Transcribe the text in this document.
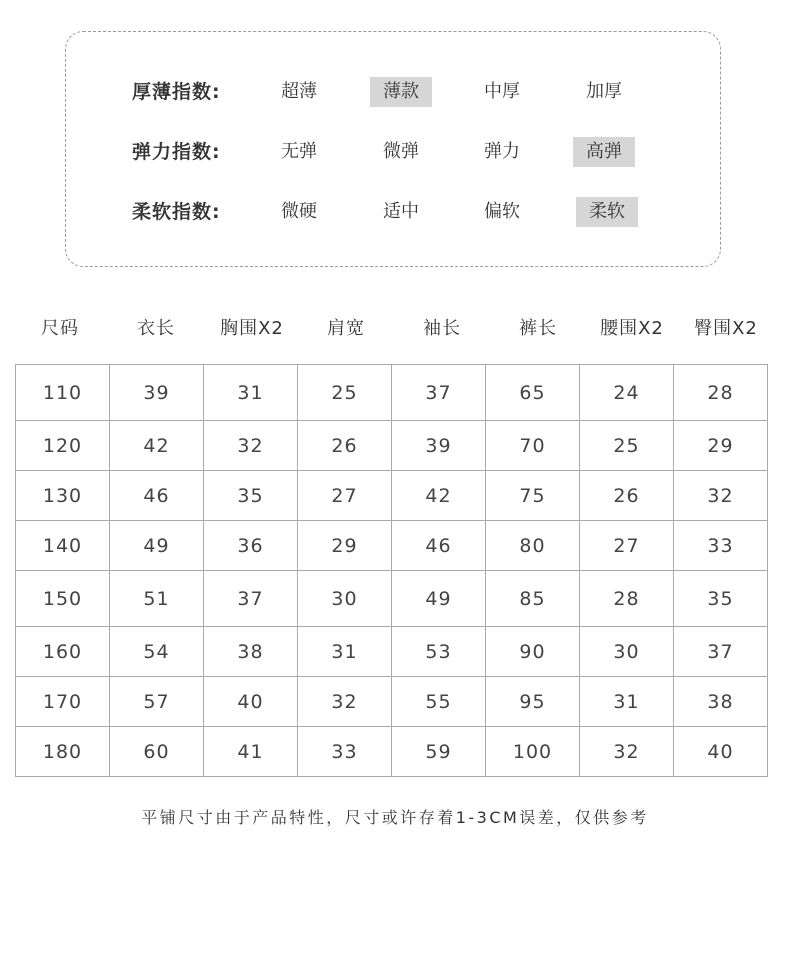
厚薄指数:	超薄	薄款	中厚	加厚
弹力指数:	无弹	微弹	弹力	高弹
柔软指数:	微硬	适中	偏软	柔软
尺码	衣长	胸围X2	肩宽	袖长	裤长	腰围X2	臀围X2
110	39	31	25	37	65	24	28
120	42	32	26	39	70	25	29
130	46	35	27	42	75	26	32
140	49	36	29	46	80	27	33
150	51	37	30	49	85	28	35
160	54	38	31	53	90	30	37
170	57	40	32	55	95	31	38
180	60	41	33	59	100	32	40
平铺尺寸由于产品特性，尺寸或许存着1-3CM误差，仅供参考
